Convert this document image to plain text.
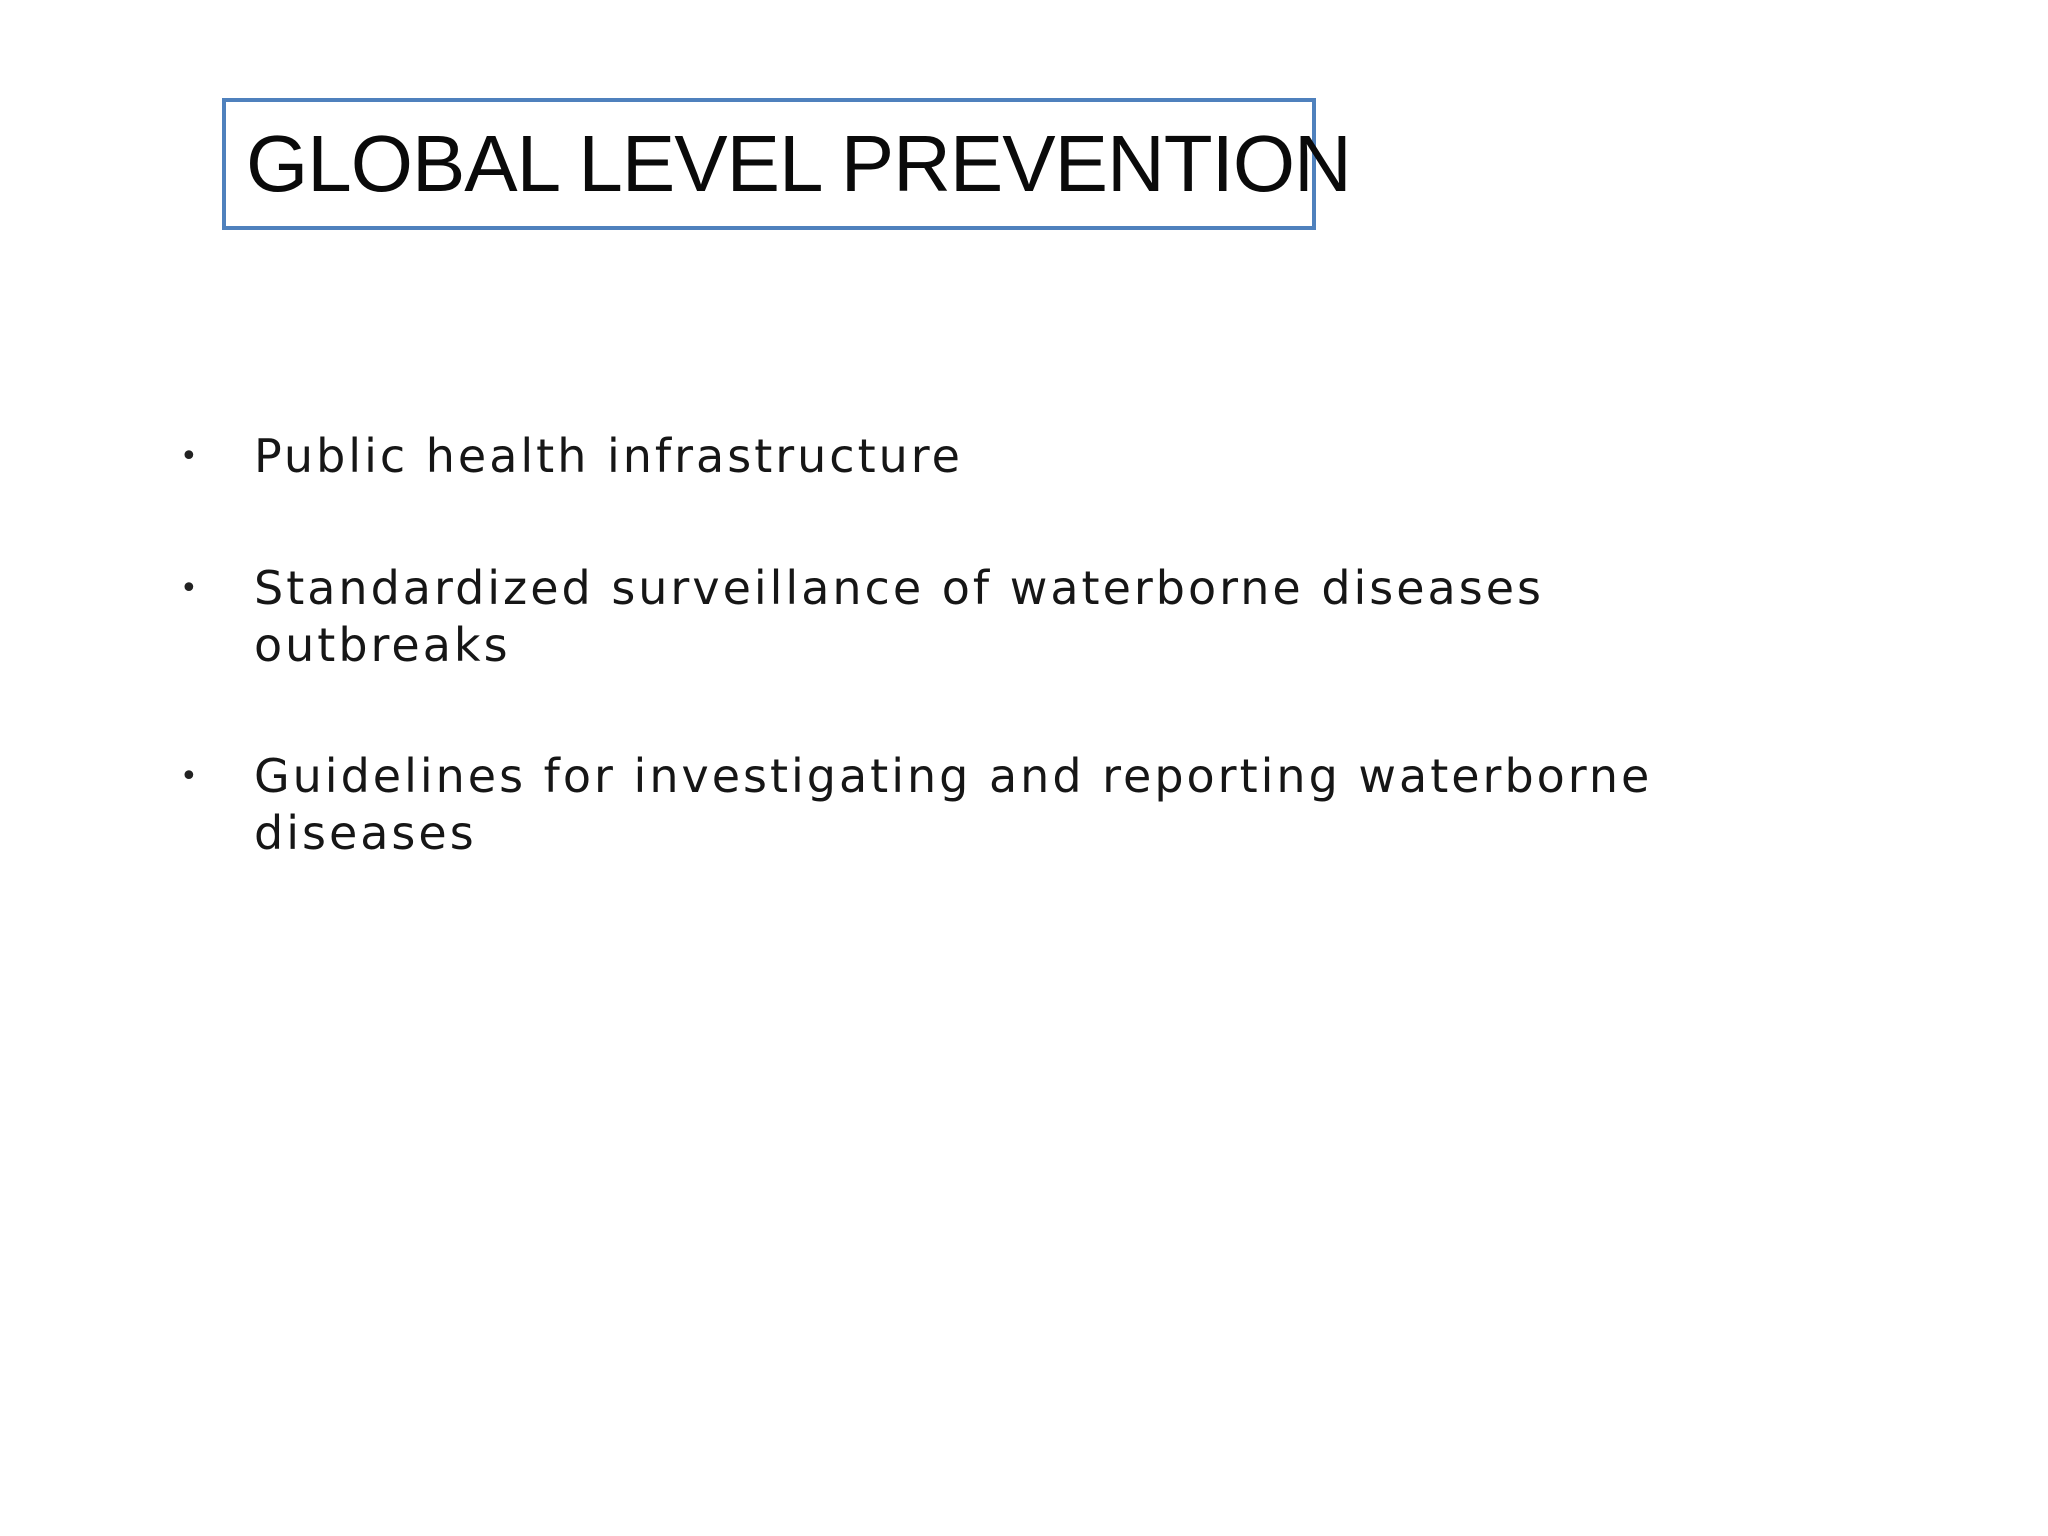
GLOBAL LEVEL PREVENTION
•	Public health infrastructure
•	Standardized surveillance of waterborne diseases outbreaks
•	Guidelines for investigating and reporting waterborne diseases
